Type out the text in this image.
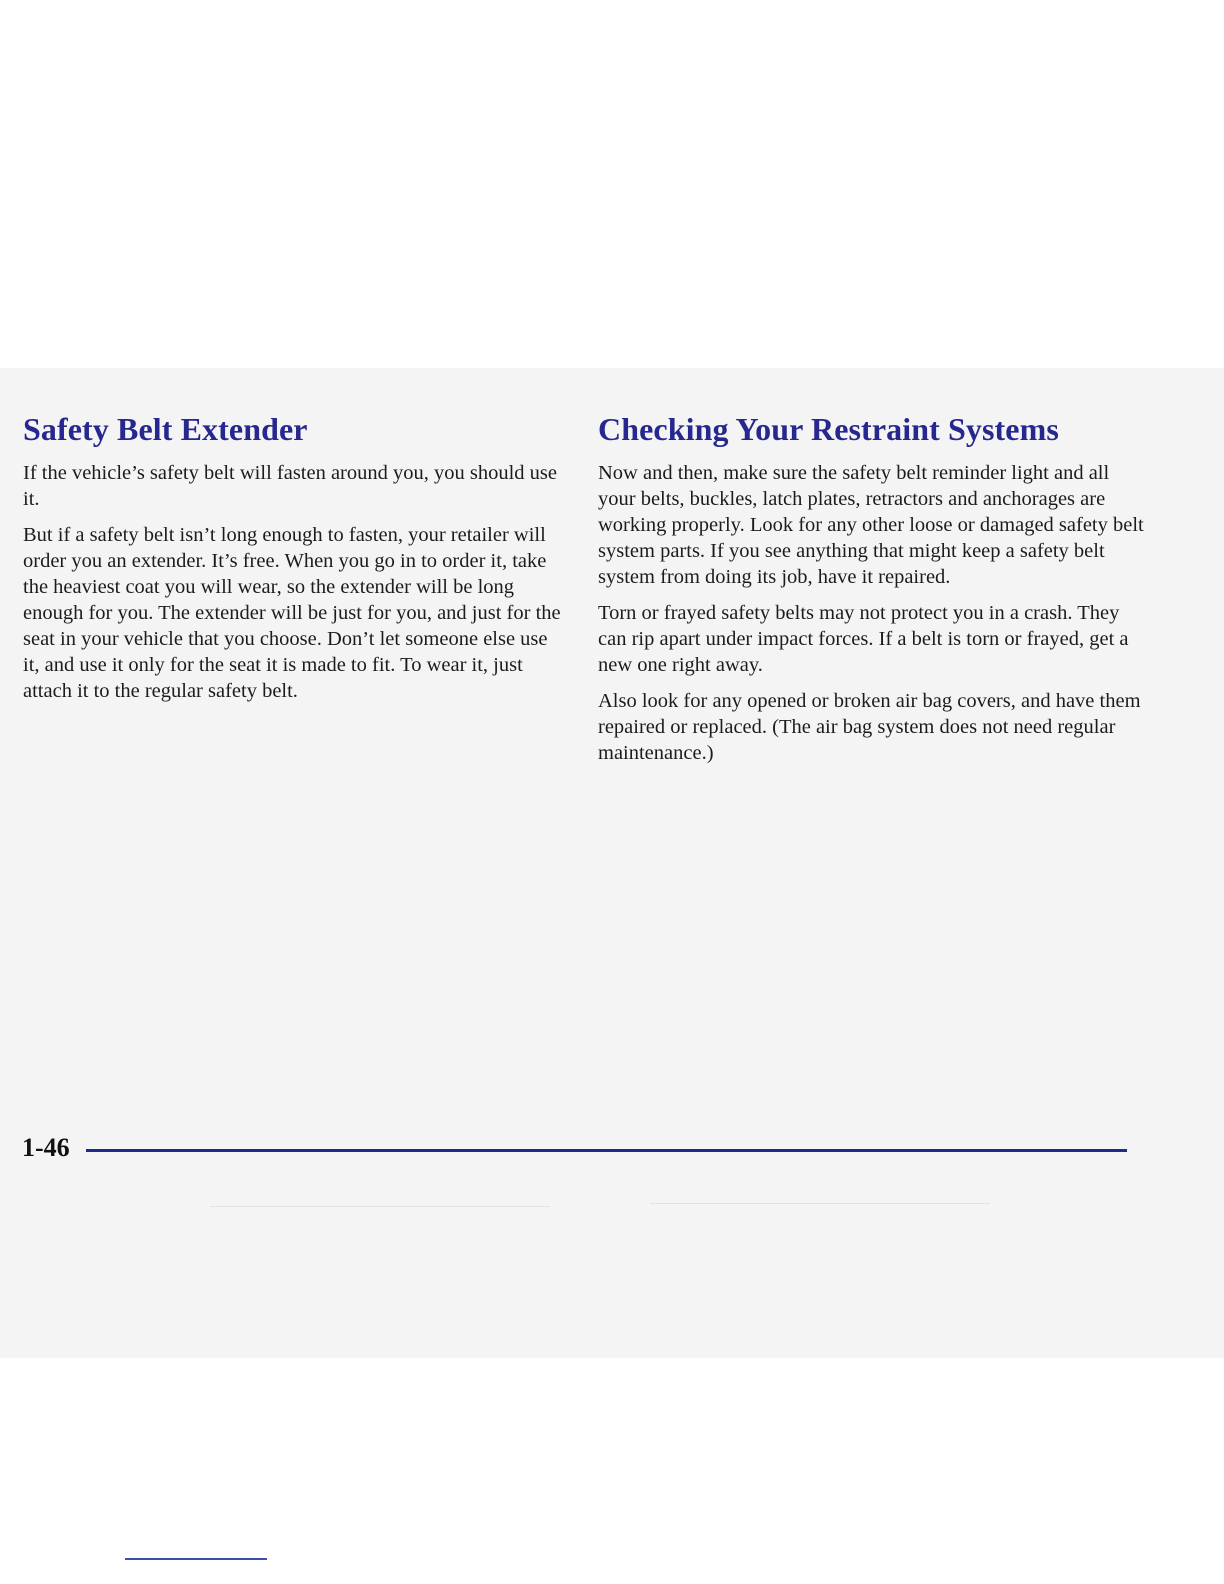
Safety Belt Extender

If the vehicle’s safety belt will fasten around you, you should use it.

But if a safety belt isn’t long enough to fasten, your retailer will order you an extender. It’s free. When you go in to order it, take the heaviest coat you will wear, so the extender will be long enough for you. The extender will be just for you, and just for the seat in your vehicle that you choose. Don’t let someone else use it, and use it only for the seat it is made to fit. To wear it, just attach it to the regular safety belt.

Checking Your Restraint Systems

Now and then, make sure the safety belt reminder light and all your belts, buckles, latch plates, retractors and anchorages are working properly. Look for any other loose or damaged safety belt system parts. If you see anything that might keep a safety belt system from doing its job, have it repaired.

Torn or frayed safety belts may not protect you in a crash. They can rip apart under impact forces. If a belt is torn or frayed, get a new one right away.

Also look for any opened or broken air bag covers, and have them repaired or replaced. (The air bag system does not need regular maintenance.)

1-46
